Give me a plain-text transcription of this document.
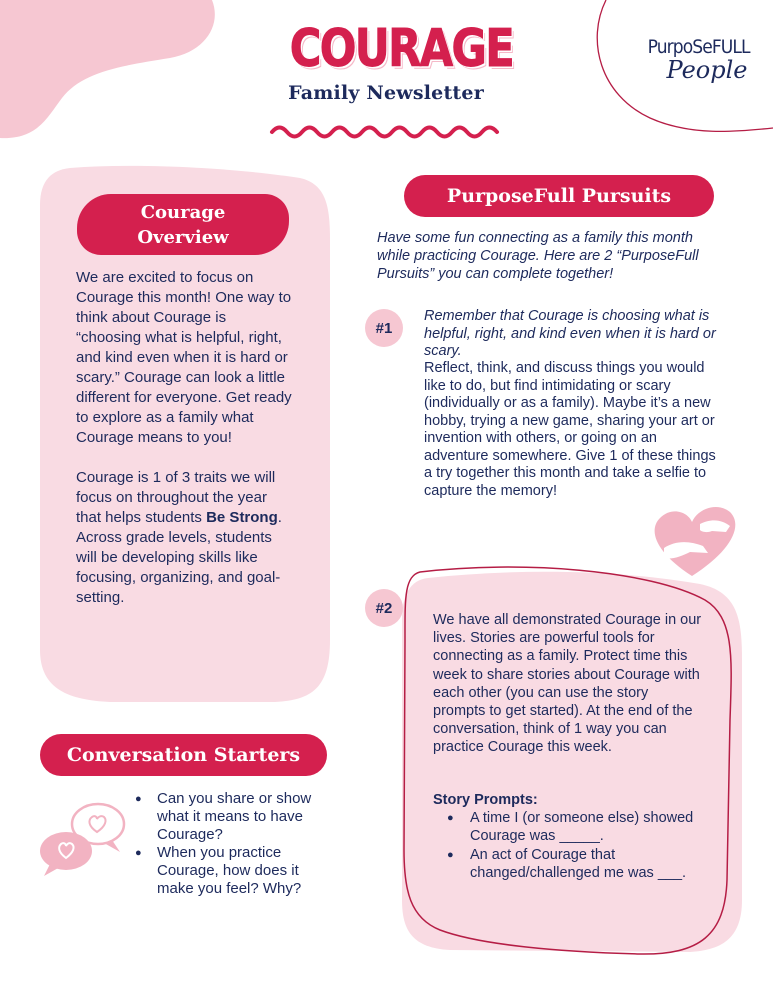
COURAGE
Family Newsletter
PurpoSeFULL
People
Courage
Overview
We are excited to focus on Courage this month! One way to think about Courage is “choosing what is helpful, right, and kind even when it is hard or scary.” Courage can look a little different for everyone. Get ready to explore as a family what Courage means to you!
Courage is 1 of 3 traits we will focus on throughout the year that helps students Be Strong. Across grade levels, students will be developing skills like focusing, organizing, and goal-setting.
PurposeFull Pursuits
Have some fun connecting as a family this month while practicing Courage. Here are 2 “PurposeFull Pursuits” you can complete together!
#1
Remember that Courage is choosing what is helpful, right, and kind even when it is hard or scary.
Reflect, think, and discuss things you would like to do, but find intimidating or scary (individually or as a family). Maybe it’s a new hobby, trying a new game, sharing your art or invention with others, or going on an adventure somewhere. Give 1 of these things a try together this month and take a selfie to capture the memory!
#2
We have all demonstrated Courage in our lives. Stories are powerful tools for connecting as a family. Protect time this week to share stories about Courage with each other (you can use the story prompts to get started). At the end of the conversation, think of 1 way you can practice Courage this week.
Story Prompts:
● A time I (or someone else) showed Courage was _____.
● An act of Courage that changed/challenged me was ___.
Conversation Starters
● Can you share or show what it means to have Courage?
● When you practice Courage, how does it make you feel? Why?
